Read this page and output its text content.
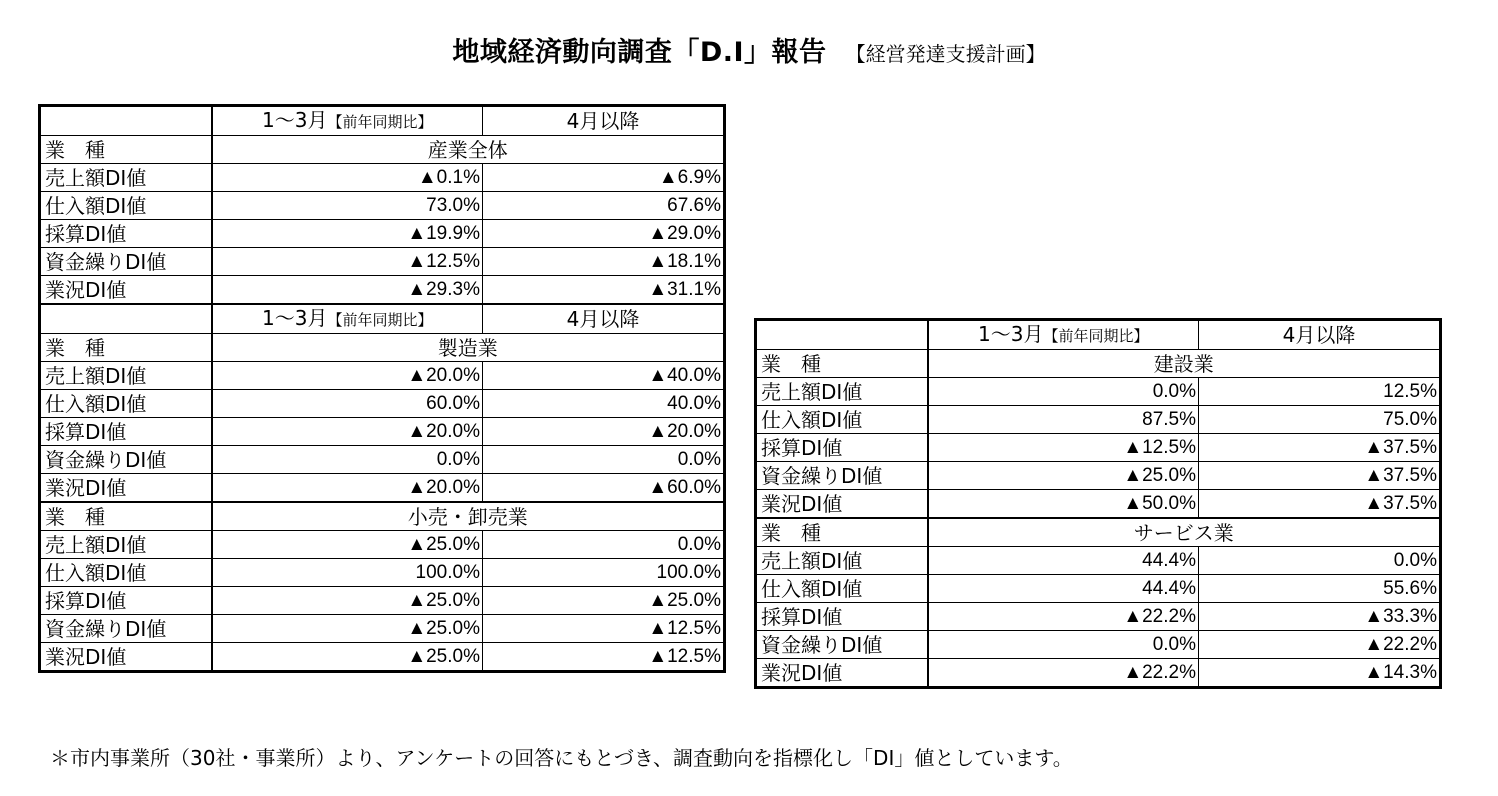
地域経済動向調査「D.I」報告 【経営発達支援計画】
	1～3月【前年同期比】	4月以降
業　種	産業全体	
売上額DI値	▲0.1%	▲6.9%
仕入額DI値	73.0%	67.6%
採算DI値	▲19.9%	▲29.0%
資金繰りDI値	▲12.5%	▲18.1%
業況DI値	▲29.3%	▲31.1%
	1～3月【前年同期比】	4月以降
業　種	製造業	
売上額DI値	▲20.0%	▲40.0%
仕入額DI値	60.0%	40.0%
採算DI値	▲20.0%	▲20.0%
資金繰りDI値	0.0%	0.0%
業況DI値	▲20.0%	▲60.0%
業　種	小売・卸売業	
売上額DI値	▲25.0%	0.0%
仕入額DI値	100.0%	100.0%
採算DI値	▲25.0%	▲25.0%
資金繰りDI値	▲25.0%	▲12.5%
業況DI値	▲25.0%	▲12.5%
	1～3月【前年同期比】	4月以降
業　種	建設業	
売上額DI値	0.0%	12.5%
仕入額DI値	87.5%	75.0%
採算DI値	▲12.5%	▲37.5%
資金繰りDI値	▲25.0%	▲37.5%
業況DI値	▲50.0%	▲37.5%
業　種	サービス業	
売上額DI値	44.4%	0.0%
仕入額DI値	44.4%	55.6%
採算DI値	▲22.2%	▲33.3%
資金繰りDI値	0.0%	▲22.2%
業況DI値	▲22.2%	▲14.3%
＊市内事業所（30社・事業所）より、アンケートの回答にもとづき、調査動向を指標化し「DI」値としています。
